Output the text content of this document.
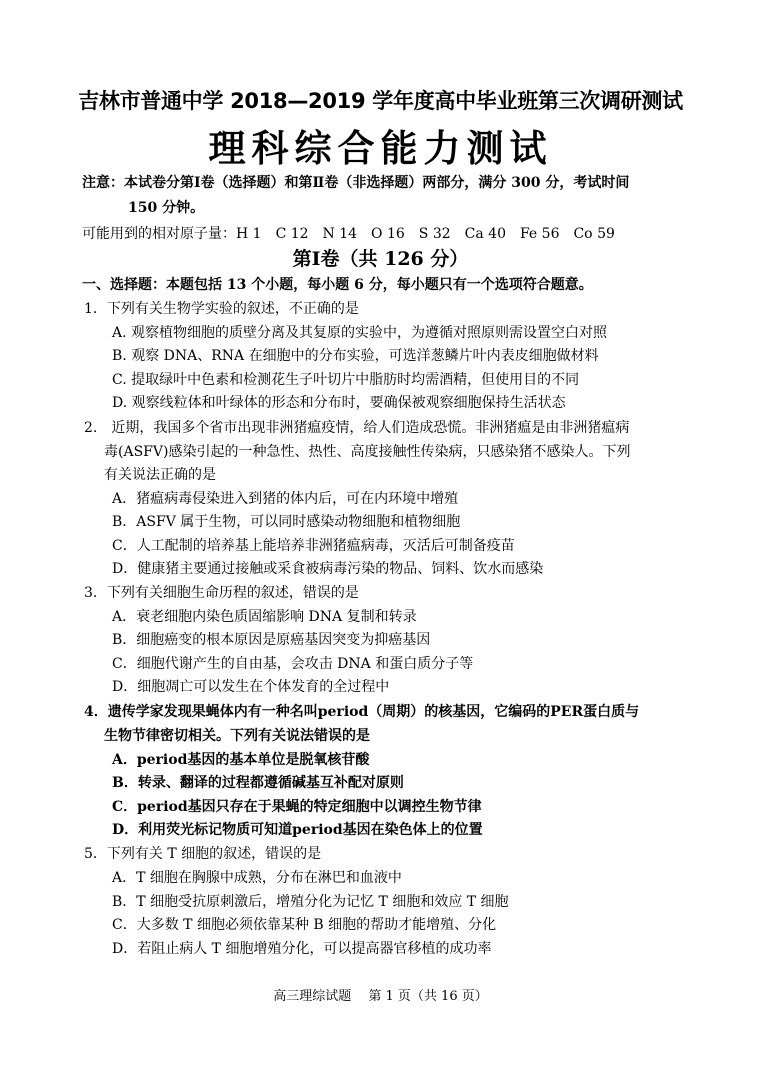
吉林市普通中学 2018—2019 学年度高中毕业班第三次调研测试
理科综合能力测试
注意：本试卷分第Ⅰ卷（选择题）和第Ⅱ卷（非选择题）两部分，满分 300 分，考试时间
150 分钟。
可能用到的相对原子量：H 1　C 12　N 14　O 16　S 32　Ca 40　Fe 56　Co 59
第Ⅰ卷（共 126 分）
一、选择题：本题包括 13 个小题，每小题 6 分，每小题只有一个选项符合题意。
1．下列有关生物学实验的叙述，不正确的是
A. 观察植物细胞的质壁分离及其复原的实验中，为遵循对照原则需设置空白对照
B. 观察 DNA、RNA 在细胞中的分布实验，可选洋葱鳞片叶内表皮细胞做材料
C. 提取绿叶中色素和检测花生子叶切片中脂肪时均需酒精，但使用目的不同
D. 观察线粒体和叶绿体的形态和分布时，要确保被观察细胞保持生活状态
2.　近期，我国多个省市出现非洲猪瘟疫情，给人们造成恐慌。非洲猪瘟是由非洲猪瘟病
毒(ASFV)感染引起的一种急性、热性、高度接触性传染病，只感染猪不感染人。下列
有关说法正确的是
A．猪瘟病毒侵染进入到猪的体内后，可在内环境中增殖
B．ASFV 属于生物，可以同时感染动物细胞和植物细胞
C．人工配制的培养基上能培养非洲猪瘟病毒，灭活后可制备疫苗
D．健康猪主要通过接触或采食被病毒污染的物品、饲料、饮水而感染
3．下列有关细胞生命历程的叙述，错误的是
A．衰老细胞内染色质固缩影响 DNA 复制和转录
B．细胞癌变的根本原因是原癌基因突变为抑癌基因
C．细胞代谢产生的自由基，会攻击 DNA 和蛋白质分子等
D．细胞凋亡可以发生在个体发育的全过程中
4．遗传学家发现果蝇体内有一种名叫period（周期）的核基因，它编码的PER蛋白质与
生物节律密切相关。下列有关说法错误的是
A．period基因的基本单位是脱氧核苷酸
B．转录、翻译的过程都遵循碱基互补配对原则
C．period基因只存在于果蝇的特定细胞中以调控生物节律
D．利用荧光标记物质可知道period基因在染色体上的位置
5．下列有关 T 细胞的叙述，错误的是
A．T 细胞在胸腺中成熟，分布在淋巴和血液中
B．T 细胞受抗原刺激后，增殖分化为记忆 T 细胞和效应 T 细胞
C．大多数 T 细胞必须依靠某种 B 细胞的帮助才能增殖、分化
D．若阻止病人 T 细胞增殖分化，可以提高器官移植的成功率
高三理综试题　 第 1 页（共 16 页）
